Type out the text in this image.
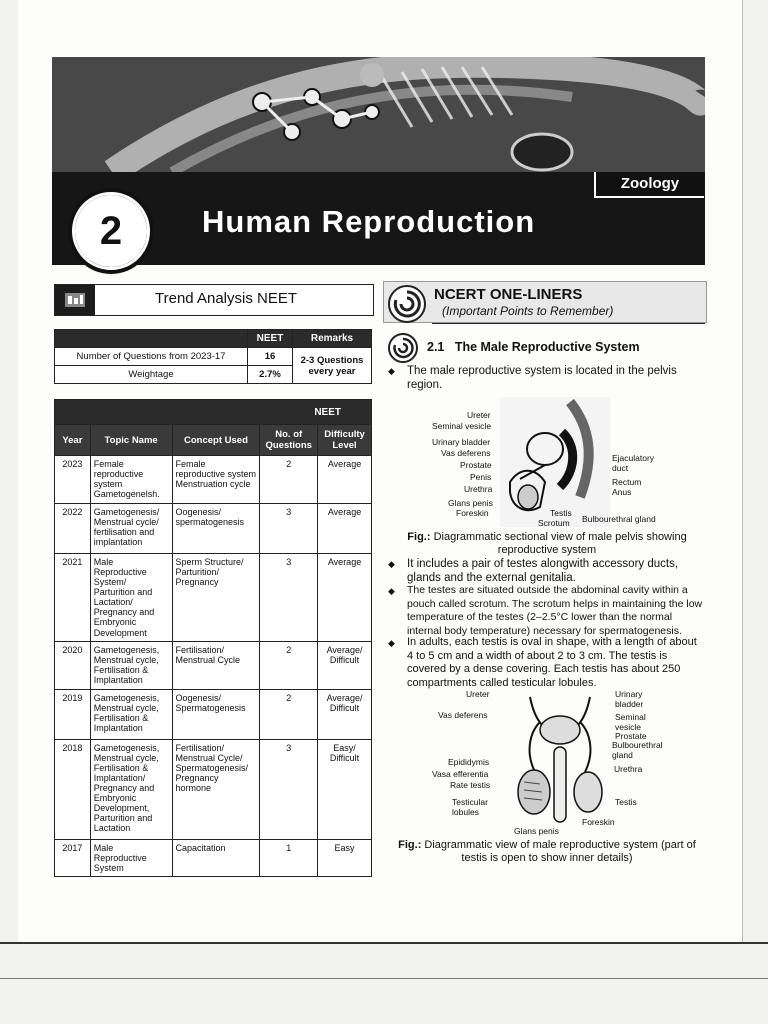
Zoology
2	Human Reproduction
Trend Analysis NEET
	NEET	Remarks
Number of Questions from 2023-17	16	2-3 Questions every year
Weightage	2.7%	
NEET				
Year	Topic Name	Concept Used	No. of Questions	Difficulty Level
2023	Female reproductive system Gametogenelsh.	Female reproductive system Menstruation cycle	2	Average
2022	Gametogenesis/ Menstrual cycle/ fertilisation and implantation	Oogenesis/ spermatogenesis	3	Average
2021	Male Reproductive System/ Parturition and Lactation/ Pregnancy and Embryonic Development	Sperm Structure/ Parturition/ Pregnancy	3	Average
2020	Gametogenesis, Menstrual cycle, Fertilisation & Implantation	Fertilisation/ Menstrual Cycle	2	Average/ Difficult
2019	Gametogenesis, Menstrual cycle, Fertilisation & Implantation	Oogenesis/ Spermatogenesis	2	Average/ Difficult
2018	Gametogenesis, Menstrual cycle, Fertilisation & Implantation/ Pregnancy and Embryonic Development, Parturition and Lactation	Fertilisation/ Menstrual Cycle/ Spermatogenesis/ Pregnancy hormone	3	Easy/ Difficult
2017	Male Reproductive System	Capacitation	1	Easy
NCERT ONE-LINERS
(Important Points to Remember)
2.1 The Male Reproductive System
◆ The male reproductive system is located in the pelvis region.
Ureter
Seminal vesicle
Urinary bladder
Vas deferens
Prostate
Penis
Urethra
Glans penis
Foreskin	Testis
Scrotum Bulbourethral gland
Ejaculatory duct
Rectum
Anus
Fig.: Diagrammatic sectional view of male pelvis showing reproductive system
◆ It includes a pair of testes alongwith accessory ducts, glands and the external genitalia.
◆ The testes are situated outside the abdominal cavity within a pouch called scrotum. The scrotum helps in maintaining the low temperature of the testes (2–2.5°C lower than the normal internal body temperature) necessary for spermatogenesis.
◆ In adults, each testis is oval in shape, with a length of about 4 to 5 cm and a width of about 2 to 3 cm. The testis is covered by a dense covering. Each testis has about 250 compartments called testicular lobules.
Ureter	Urinary bladder
Vas deferens	Seminal vesicle
Prostate
Bulbourethral gland
Urethra
Epididymis
Vasa efferentia
Rate testis
Testicular lobules
Testis
Foreskin
Glans penis
Fig.: Diagrammatic view of male reproductive system (part of testis is open to show inner details)
